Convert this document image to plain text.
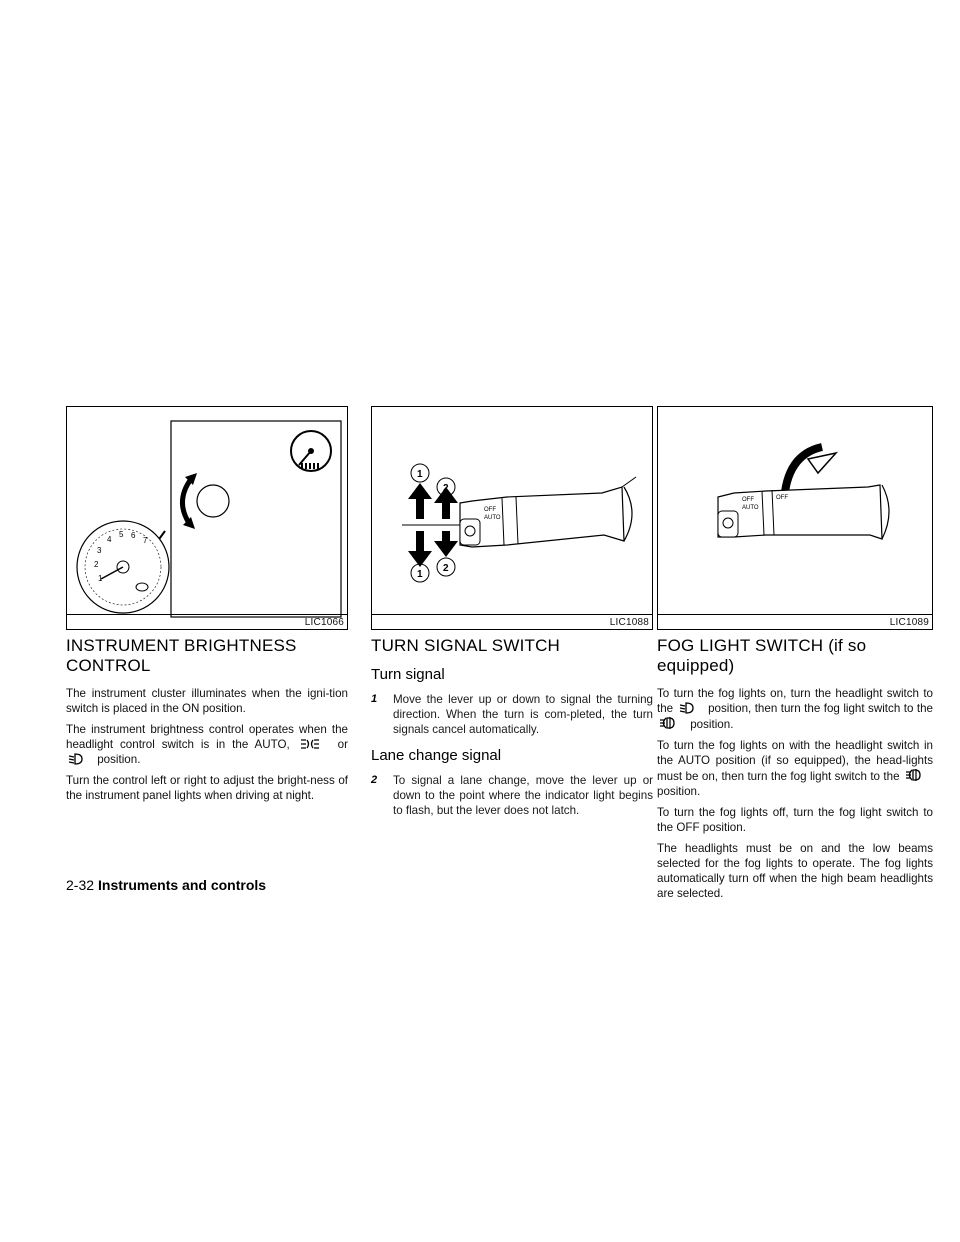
1
2
3
4
5 6
7
LIC1066
INSTRUMENT BRIGHTNESS CONTROL

The instrument cluster illuminates when the igni-tion switch is placed in the ON position.

The instrument brightness control operates when the headlight control switch is in the AUTO,	or  position.

Turn the control left or right to adjust the bright-ness of the instrument panel lights when driving at night.

1
2
1
2
OFF
AUTO
LIC1088
TURN SIGNAL SWITCH
Turn signal
1 Move the lever up or down to signal the turning direction. When the turn is com-pleted, the turn signals cancel automatically.
Lane change signal
2 To signal a lane change, move the lever up or down to the point where the indicator light begins to flash, but the lever does not latch.
OFF
AUTO
OFF
LIC1089
FOG LIGHT SWITCH (if so equipped)

To turn the fog lights on, turn the headlight switch to the	position, then turn the fog light switch to the  position.

To turn the fog lights on with the headlight switch in the AUTO position (if so equipped), the head-lights must be on, then turn the fog light switch to the  position.

To turn the fog lights off, turn the fog light switch to the OFF position.

The headlights must be on and the low beams selected for the fog lights to operate. The fog lights automatically turn off when the high beam headlights are selected.

2-32 Instruments and controls
